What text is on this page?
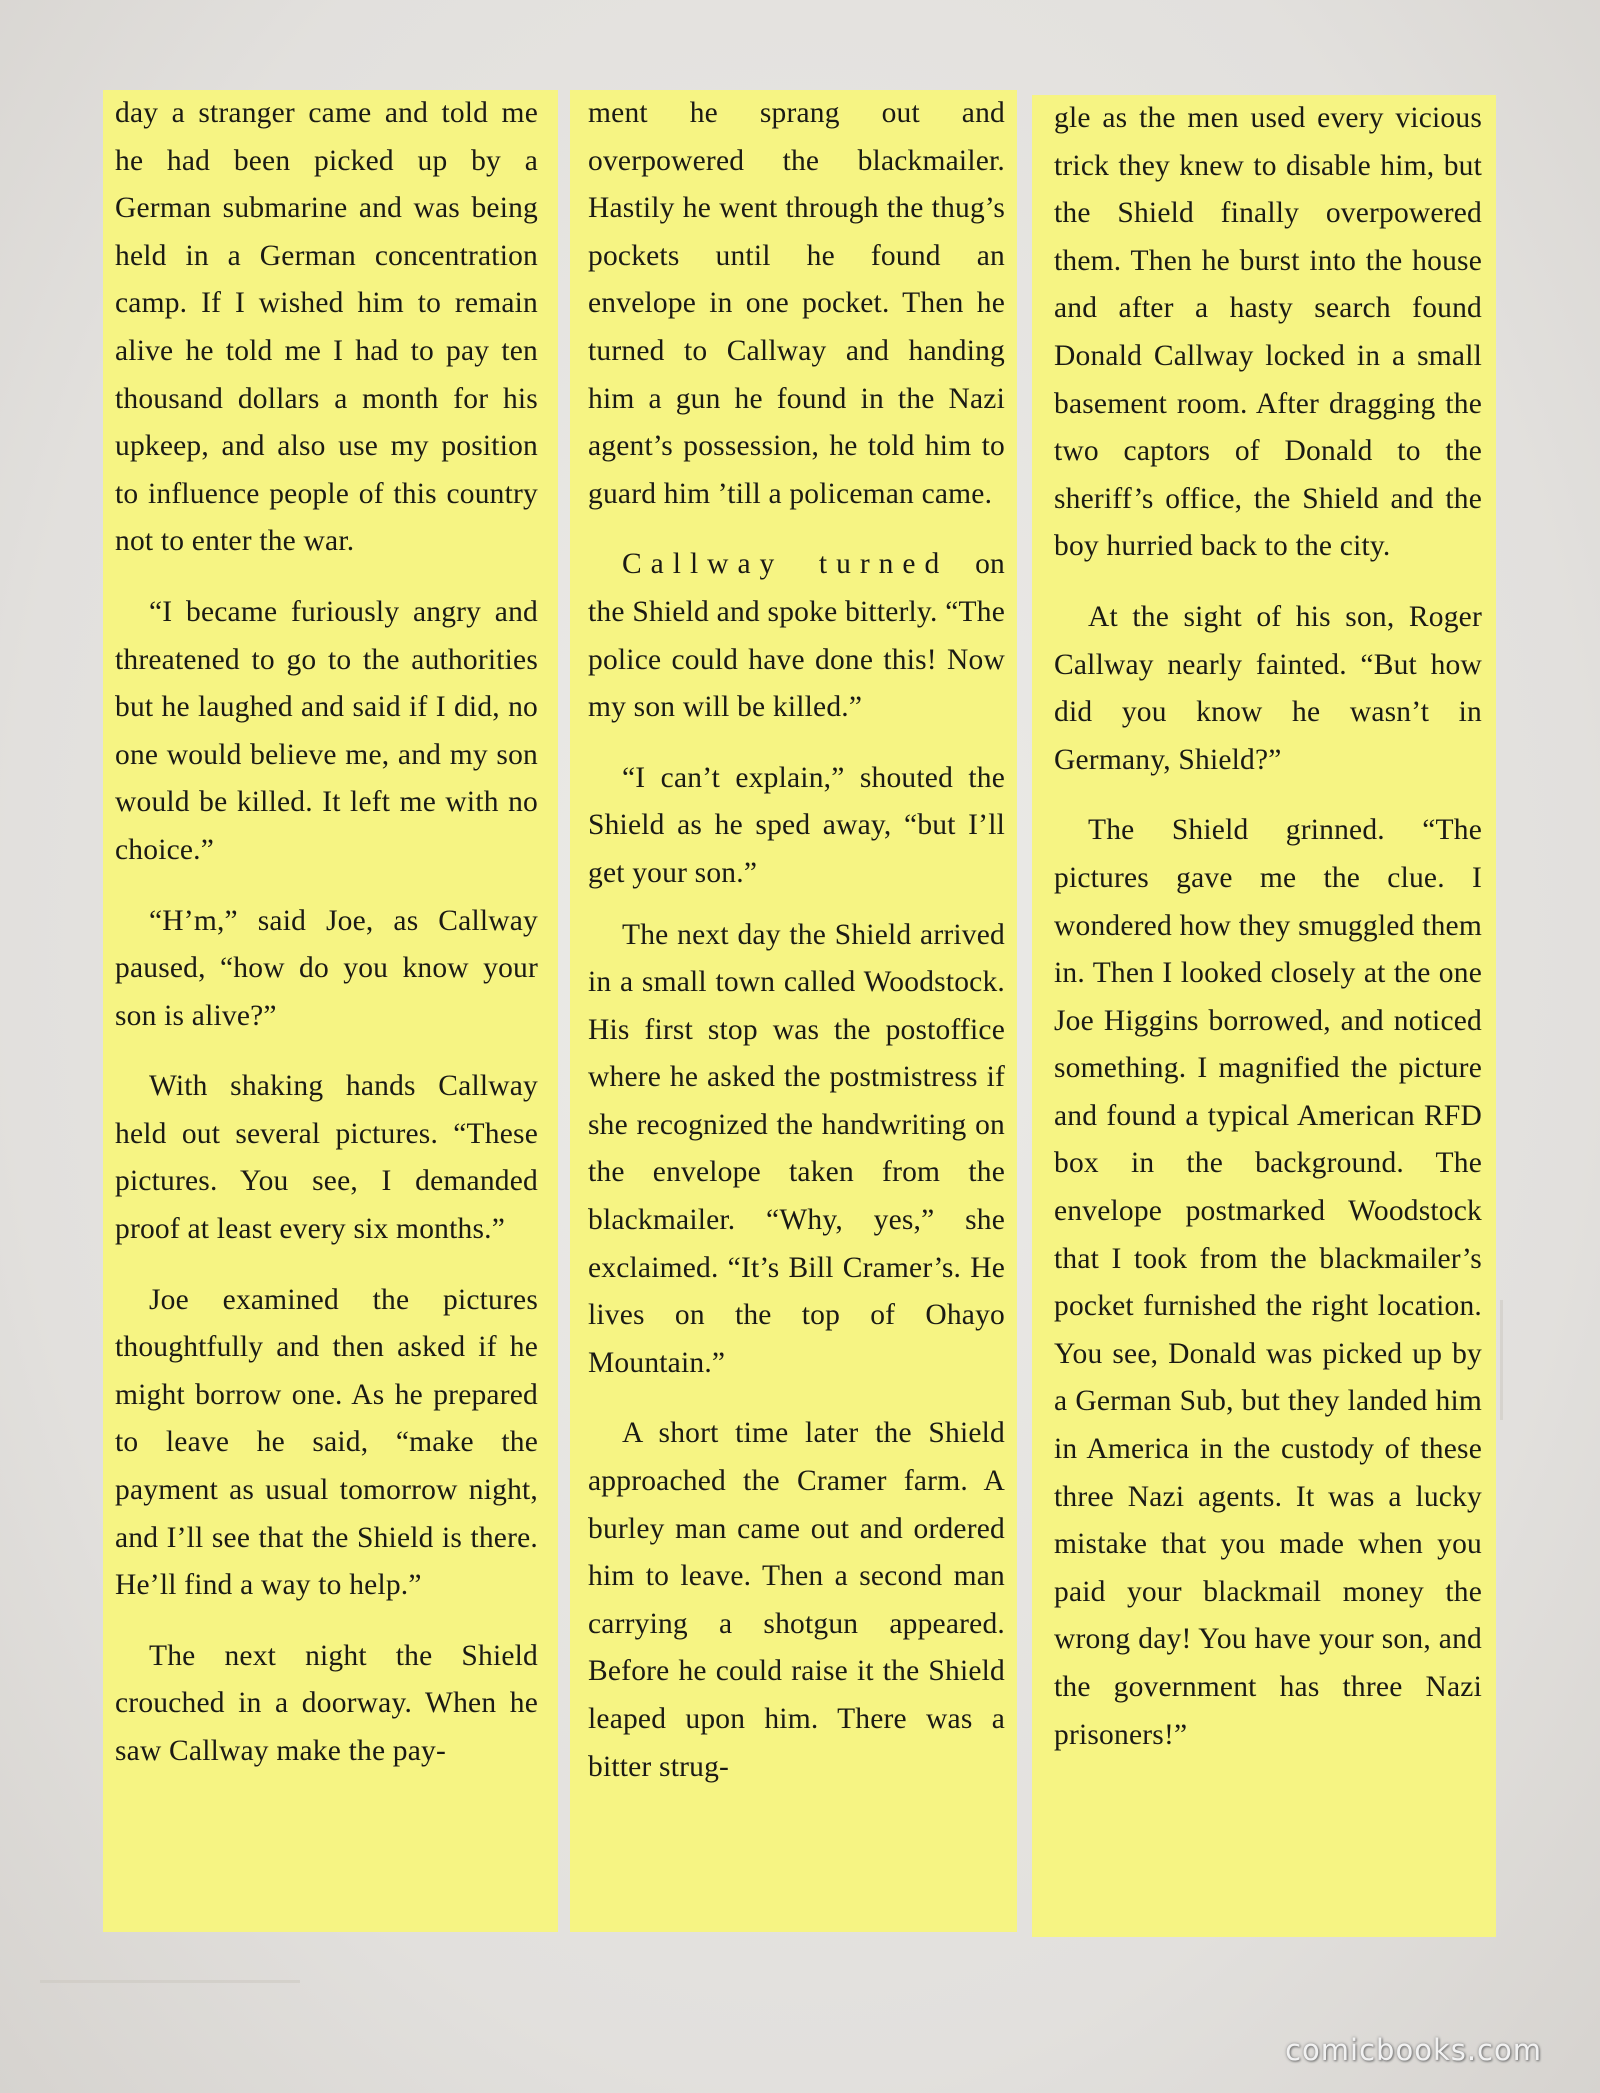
day a stranger came and told me he had been picked up by a German submarine and was being held in a German concentration camp. If I wished him to remain alive he told me I had to pay ten thousand dollars a month for his upkeep, and also use my position to influence people of this country not to enter the war.

“I became furiously angry and threatened to go to the authorities but he laughed and said if I did, no one would believe me, and my son would be killed. It left me with no choice.”

“H’m,” said Joe, as Callway paused, “how do you know your son is alive?”

With shaking hands Callway held out several pictures. “These pictures. You see, I demanded proof at least every six months.”

Joe examined the pictures thoughtfully and then asked if he might borrow one. As he prepared to leave he said, “make the payment as usual tomorrow night, and I’ll see that the Shield is there. He’ll find a way to help.”

The next night the Shield crouched in a doorway. When he saw Callway make the pay-

ment he sprang out and overpowered the blackmailer. Hastily he went through the thug’s pockets until he found an envelope in one pocket. Then he turned to Callway and handing him a gun he found in the Nazi agent’s possession, he told him to guard him ’till a policeman came.

Callway turned on the Shield and spoke bitterly. “The police could have done this! Now my son will be killed.”

“I can’t explain,” shouted the Shield as he sped away, “but I’ll get your son.”

The next day the Shield arrived in a small town called Woodstock. His first stop was the postoffice where he asked the postmistress if she recognized the handwriting on the envelope taken from the blackmailer. “Why, yes,” she exclaimed. “It’s Bill Cramer’s. He lives on the top of Ohayo Mountain.”

A short time later the Shield approached the Cramer farm. A burley man came out and ordered him to leave. Then a second man carrying a shotgun appeared. Before he could raise it the Shield leaped upon him. There was a bitter strug-

gle as the men used every vicious trick they knew to disable him, but the Shield finally overpowered them. Then he burst into the house and after a hasty search found Donald Callway locked in a small basement room. After dragging the two captors of Donald to the sheriff’s office, the Shield and the boy hurried back to the city.

At the sight of his son, Roger Callway nearly fainted. “But how did you know he wasn’t in Germany, Shield?”

The Shield grinned. “The pictures gave me the clue. I wondered how they smuggled them in. Then I looked closely at the one Joe Higgins borrowed, and noticed something. I magnified the picture and found a typical American RFD box in the background. The envelope postmarked Woodstock that I took from the blackmailer’s pocket furnished the right location. You see, Donald was picked up by a German Sub, but they landed him in America in the custody of these three Nazi agents. It was a lucky mistake that you made when you paid your blackmail money the wrong day! You have your son, and the government has three Nazi prisoners!”

comicbooks.com
